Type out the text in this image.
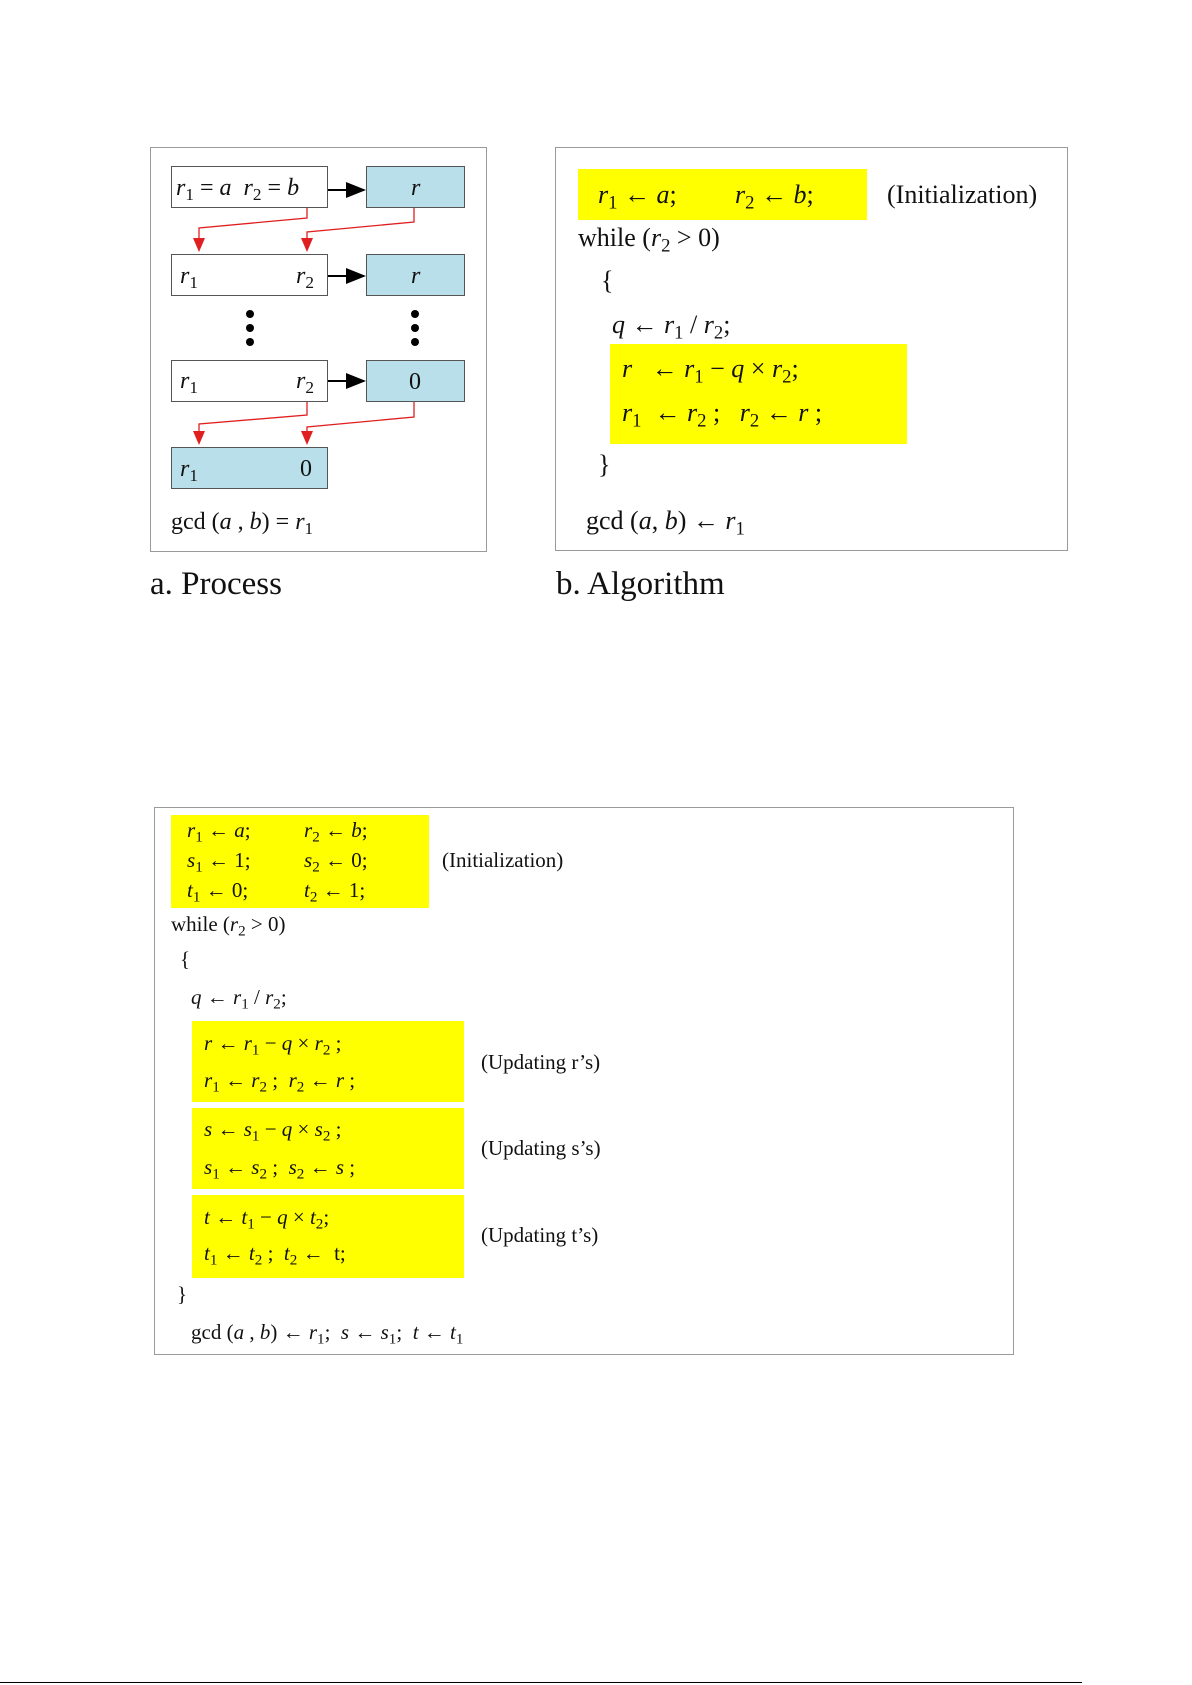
$r_1 = a$ $r_2 = b$	r
$r_1$	$r_2$	r
$r_1$	$r_2$	0
$r_1$	0
gcd (a , $b) = r_1$
a. Process
$r_1$ ← a; $r_2$ ← b;	(Initialization)
while $(r_2 > 0)$
{
q ← $r_1 / r_2$;
r   ← $r_1 - q \times r_2$;
$r_1$  ← $r_2$ ;   $r_2$ ← r ;
}
gcd (a, b) ← $r_1$
b. Algorithm
$r_1$ ← a;	$r_2$ ← b;
$s_1$ ← 1;	$s_2$ ← 0;
$t_1$ ← 0;	$t_2$ ← 1;
(Initialization)
while $(r_2 > 0)$
{
q ← $r_1 / r_2$;
r ← $r_1 - q \times r_2$ ;
$r_1$ ← $r_2$ ;  $r_2$ ← r ;
(Updating r’s)
s ← $s_1 - q \times s_2$ ;
$s_1$ ← $s_2$ ;  $s_2$ ← s ;
(Updating s’s)
t ← $t_1 - q \times t_2$;
$t_1$ ← $t_2$ ;  $t_2$ ←  t;
(Updating t’s)
}
gcd (a , b) ← $r_1$;  s ← $s_1$;  t ← $t_1$
